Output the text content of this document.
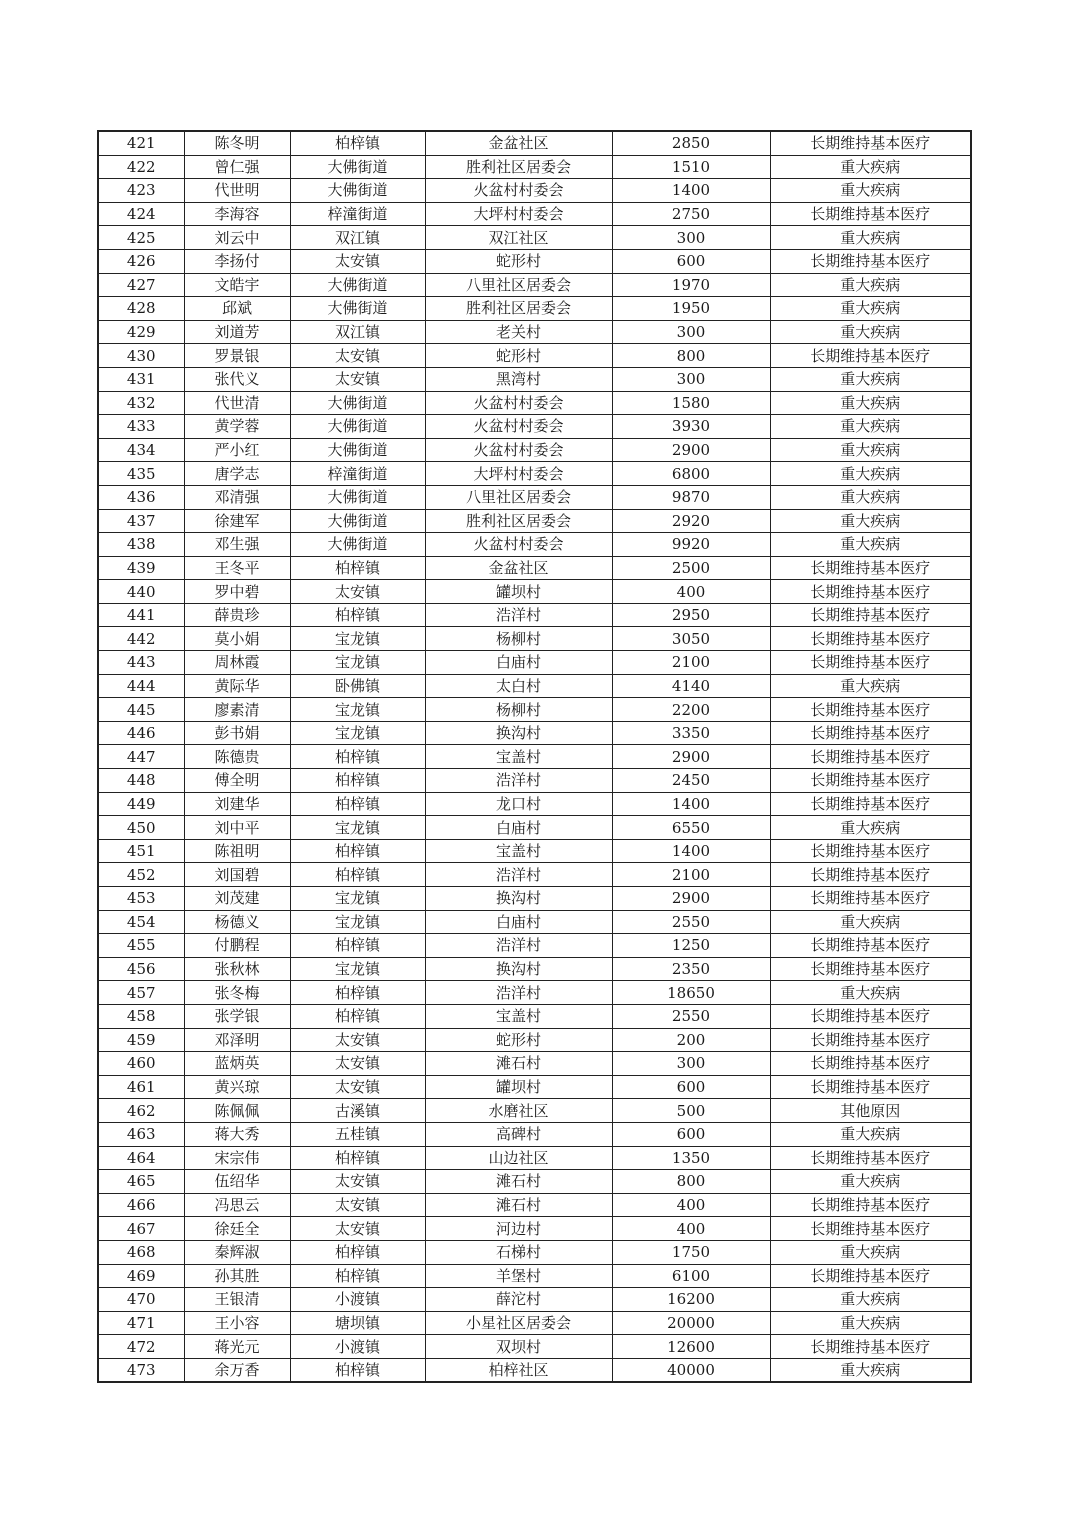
421	陈冬明	柏梓镇	金盆社区	2850	长期维持基本医疗
422	曾仁强	大佛街道	胜利社区居委会	1510	重大疾病
423	代世明	大佛街道	火盆村村委会	1400	重大疾病
424	李海容	梓潼街道	大坪村村委会	2750	长期维持基本医疗
425	刘云中	双江镇	双江社区	300	重大疾病
426	李扬付	太安镇	蛇形村	600	长期维持基本医疗
427	文皓宇	大佛街道	八里社区居委会	1970	重大疾病
428	邱斌	大佛街道	胜利社区居委会	1950	重大疾病
429	刘道芳	双江镇	老关村	300	重大疾病
430	罗景银	太安镇	蛇形村	800	长期维持基本医疗
431	张代义	太安镇	黑湾村	300	重大疾病
432	代世清	大佛街道	火盆村村委会	1580	重大疾病
433	黄学蓉	大佛街道	火盆村村委会	3930	重大疾病
434	严小红	大佛街道	火盆村村委会	2900	重大疾病
435	唐学志	梓潼街道	大坪村村委会	6800	重大疾病
436	邓清强	大佛街道	八里社区居委会	9870	重大疾病
437	徐建军	大佛街道	胜利社区居委会	2920	重大疾病
438	邓生强	大佛街道	火盆村村委会	9920	重大疾病
439	王冬平	柏梓镇	金盆社区	2500	长期维持基本医疗
440	罗中碧	太安镇	罐坝村	400	长期维持基本医疗
441	薛贵珍	柏梓镇	浩洋村	2950	长期维持基本医疗
442	莫小娟	宝龙镇	杨柳村	3050	长期维持基本医疗
443	周林霞	宝龙镇	白庙村	2100	长期维持基本医疗
444	黄际华	卧佛镇	太白村	4140	重大疾病
445	廖素清	宝龙镇	杨柳村	2200	长期维持基本医疗
446	彭书娟	宝龙镇	换沟村	3350	长期维持基本医疗
447	陈德贵	柏梓镇	宝盖村	2900	长期维持基本医疗
448	傅全明	柏梓镇	浩洋村	2450	长期维持基本医疗
449	刘建华	柏梓镇	龙口村	1400	长期维持基本医疗
450	刘中平	宝龙镇	白庙村	6550	重大疾病
451	陈祖明	柏梓镇	宝盖村	1400	长期维持基本医疗
452	刘国碧	柏梓镇	浩洋村	2100	长期维持基本医疗
453	刘茂建	宝龙镇	换沟村	2900	长期维持基本医疗
454	杨德义	宝龙镇	白庙村	2550	重大疾病
455	付鹏程	柏梓镇	浩洋村	1250	长期维持基本医疗
456	张秋林	宝龙镇	换沟村	2350	长期维持基本医疗
457	张冬梅	柏梓镇	浩洋村	18650	重大疾病
458	张学银	柏梓镇	宝盖村	2550	长期维持基本医疗
459	邓泽明	太安镇	蛇形村	200	长期维持基本医疗
460	蓝炳英	太安镇	滩石村	300	长期维持基本医疗
461	黄兴琼	太安镇	罐坝村	600	长期维持基本医疗
462	陈佩佩	古溪镇	水磨社区	500	其他原因
463	蒋大秀	五桂镇	高碑村	600	重大疾病
464	宋宗伟	柏梓镇	山边社区	1350	长期维持基本医疗
465	伍绍华	太安镇	滩石村	800	重大疾病
466	冯思云	太安镇	滩石村	400	长期维持基本医疗
467	徐廷全	太安镇	河边村	400	长期维持基本医疗
468	秦辉淑	柏梓镇	石梯村	1750	重大疾病
469	孙其胜	柏梓镇	羊堡村	6100	长期维持基本医疗
470	王银清	小渡镇	薛沱村	16200	重大疾病
471	王小容	塘坝镇	小星社区居委会	20000	重大疾病
472	蒋光元	小渡镇	双坝村	12600	长期维持基本医疗
473	余万香	柏梓镇	柏梓社区	40000	重大疾病
